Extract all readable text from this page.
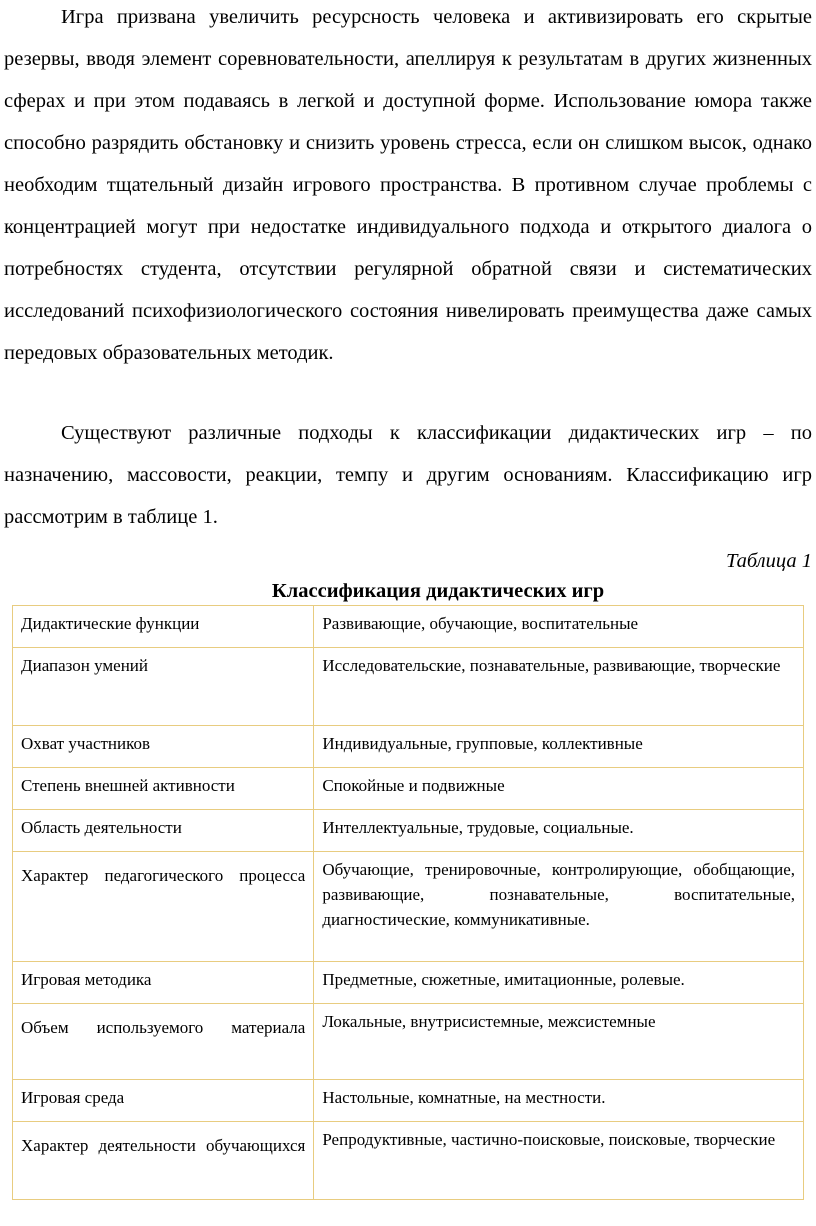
Игра призвана увеличить ресурсность человека и активизировать его скрытые резервы, вводя элемент соревновательности, апеллируя к результатам в других жизненных сферах и при этом подаваясь в легкой и доступной форме. Использование юмора также способно разрядить обстановку и снизить уровень стресса, если он слишком высок, однако необходим тщательный дизайн игрового пространства. В противном случае проблемы с концентрацией могут при недостатке индивидуального подхода и открытого диалога о потребностях студента, отсутствии регулярной обратной связи и систематических исследований психофизиологического состояния нивелировать преимущества даже самых передовых образовательных методик.

Существуют различные подходы к классификации дидактических игр – по назначению, массовости, реакции, темпу и другим основаниям. Классификацию игр рассмотрим в таблице 1.

Таблица 1
Классификация дидактических игр
Дидактические функции	Развивающие, обучающие, воспитательные
Диапазон умений	Исследовательские, познавательные, развивающие, творческие
Охват участников	Индивидуальные, групповые, коллективные
Степень внешней активности	Спокойные и подвижные
Область деятельности	Интеллектуальные, трудовые, социальные.
Характер педагогического процесса	Обучающие, тренировочные, контролирующие, обобщающие, развивающие, познавательные, воспитательные, диагностические, коммуникативные.
Игровая методика	Предметные, сюжетные, имитационные, ролевые.
Объем используемого материала	Локальные, внутрисистемные, межсистемные
Игровая среда	Настольные, комнатные, на местности.
Характер деятельности обучающихся	Репродуктивные, частично-поисковые, поисковые, творческие
